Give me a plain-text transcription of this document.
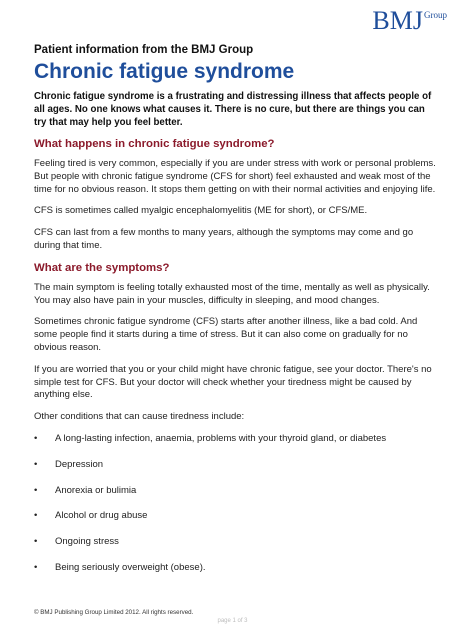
BMJ Group

Patient information from the BMJ Group

Chronic fatigue syndrome

Chronic fatigue syndrome is a frustrating and distressing illness that affects people of all ages. No one knows what causes it. There is no cure, but there are things you can try that may help you feel better.

What happens in chronic fatigue syndrome?

Feeling tired is very common, especially if you are under stress with work or personal problems. But people with chronic fatigue syndrome (CFS for short) feel exhausted and weak most of the time for no obvious reason. It stops them getting on with their normal activities and enjoying life.

CFS is sometimes called myalgic encephalomyelitis (ME for short), or CFS/ME.

CFS can last from a few months to many years, although the symptoms may come and go during that time.

What are the symptoms?

The main symptom is feeling totally exhausted most of the time, mentally as well as physically. You may also have pain in your muscles, difficulty in sleeping, and mood changes.

Sometimes chronic fatigue syndrome (CFS) starts after another illness, like a bad cold. And some people find it starts during a time of stress. But it can also come on gradually for no obvious reason.

If you are worried that you or your child might have chronic fatigue, see your doctor. There's no simple test for CFS. But your doctor will check whether your tiredness might be caused by anything else.

Other conditions that can cause tiredness include:

•	A long-lasting infection, anaemia, problems with your thyroid gland, or diabetes
•	Depression
•	Anorexia or bulimia
•	Alcohol or drug abuse
•	Ongoing stress
•	Being seriously overweight (obese).
© BMJ Publishing Group Limited 2012. All rights reserved.
page 1 of 3
